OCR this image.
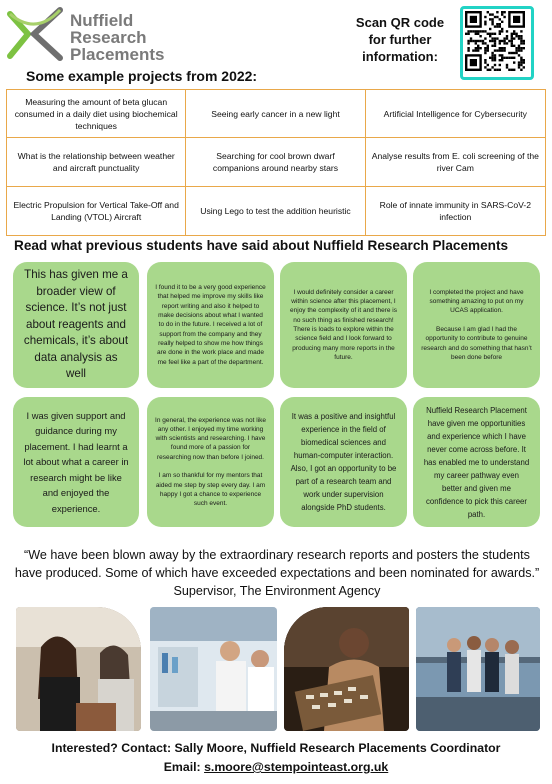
Nuffield
Research
Placements
Scan QR code
for further
information:
Some example projects from 2022:
Measuring the amount of beta glucan consumed in a daily diet using biochemical techniques
Seeing early cancer in a new light	Artificial Intelligence for Cybersecurity
What is the relationship between weather and aircraft punctuality
Searching for cool brown dwarf companions around nearby stars
Analyse results from E. coli screening of the river Cam
Electric Propulsion for Vertical Take-Off and Landing (VTOL) Aircraft
Using Lego to test the addition heuristic
Role of innate immunity in SARS-CoV-2 infection
Read what previous students have said about Nuffield Research Placements
This has given me a broader view of science. It’s not just about reagents and chemicals, it’s about data analysis as well
I found it to be a very good experience that helped me improve my skills like report writing and also it helped to make decisions about what I wanted to do in the future. I received a lot of support from the company and they really helped to show me how things are done in the work place and made me feel like a part of the department.
I would definitely consider a career within science after this placement, I enjoy the complexity of it and there is no such thing as finished research! There is loads to explore within the science field and I look forward to producing many more reports in the future.
I completed the project and have something amazing to put on my UCAS application.

Because I am glad I had the opportunity to contribute to genuine research and do something that hasn’t been done before
I was given support and guidance during my placement. I had learnt a lot about what a career in research might be like and enjoyed the experience.
In general, the experience was not like any other. I enjoyed my time working with scientists and researching. I have found more of a passion for researching now than before I joined.

I am so thankful for my mentors that aided me step by step every day. I am happy I got a chance to experience such event.
It was a positive and insightful experience in the field of biomedical sciences and human-computer interaction. Also, I got an opportunity to be part of a research team and work under supervision alongside PhD students.
Nuffield Research Placement have given me opportunities and experience which I have never come across before. It has enabled me to understand my career pathway even better and given me confidence to pick this career path.
“We have been blown away by the extraordinary research reports and posters the students have produced. Some of which have exceeded expectations and been nominated for awards.” Supervisor, The Environment Agency
Interested? Contact: Sally Moore, Nuffield Research Placements Coordinator
Email: s.moore@stempointeast.org.uk
